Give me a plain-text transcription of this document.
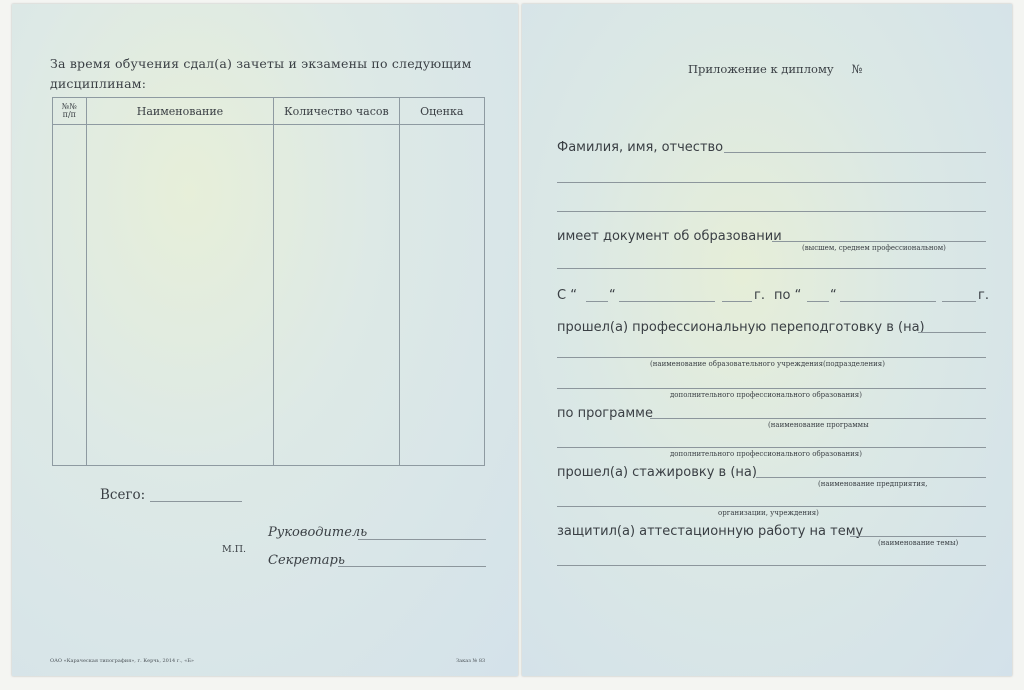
За время обучения сдал(а) зачеты и экзамены по следующим
дисциплинам:
№№
п/п	Наименование	Количество часов	Оценка

Всего:
Руководитель
М.П.
Секретарь
ОАО «Караческая типография», г. Керчь, 2014 г., «Б»	Заказ № 83
Приложение к диплому №
Фамилия, имя, отчество
имеет документ об образовании
(высшем, среднем профессиональном)
С “ “	г. по “ “	г.
прошел(а) профессиональную переподготовку в (на)
(наименование образовательного учреждения(подразделения)
дополнительного профессионального образования)
по программе
(наименование программы
дополнительного профессионального образования)
прошел(а) стажировку в (на)
(наименование предприятия,
организации, учреждения)
защитил(а) аттестационную работу на тему
(наименование темы)
